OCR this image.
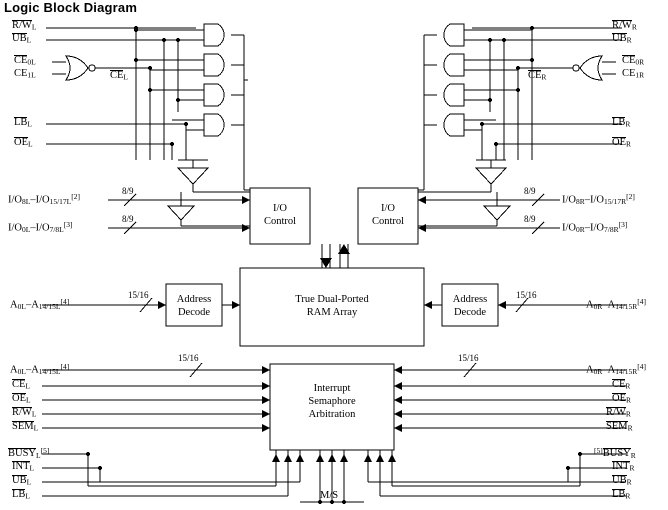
Logic Block Diagram
I/O
Control
I/O
Control
Address
Decode
Address
Decode
True Dual-Ported
RAM Array
Interrupt
Semaphore
Arbitration
$R/W_L$
$UB_L$
$CE_{0L}$
$CE_{1L}$	$CE_L$
$LB_L$
$OE_L$
$I/O_{8L}-I/O_{15/17L}[2]$
$I/O_{0L}-I/O_{7/8L}[3]$
$A_{0L}-A_{14/15L}[4]$
$A_{0L}-A_{14/15L}[4]$
$CE_L$
$OE_L$
$R/W_L$
$SEM_L$
$BUSY_L[5]$
$INT_L$
$UB_L$
$LB_L$
$R/W_R$
$UB_R$
$CE_{0R}$
$CE_{1R}$
$CE_R$
$LB_R$
$OE_R$
$I/O_{8R}-I/O_{15/17R}[2]$
$I/O_{0R}-I/O_{7/8R}[3]$
$A_{0R}-A_{14/15R}[4]$
$A_{0R}-A_{14/15R}[4]$
$CE_R$
$OE_R$
$R/W_R$
$SEM_R$
$[5]BUSY_R$
$INT_R$
$UB_R$
$LB_R$
8/9
8/9
8/9
8/9
15/16
15/16
15/16
15/16
M/S
